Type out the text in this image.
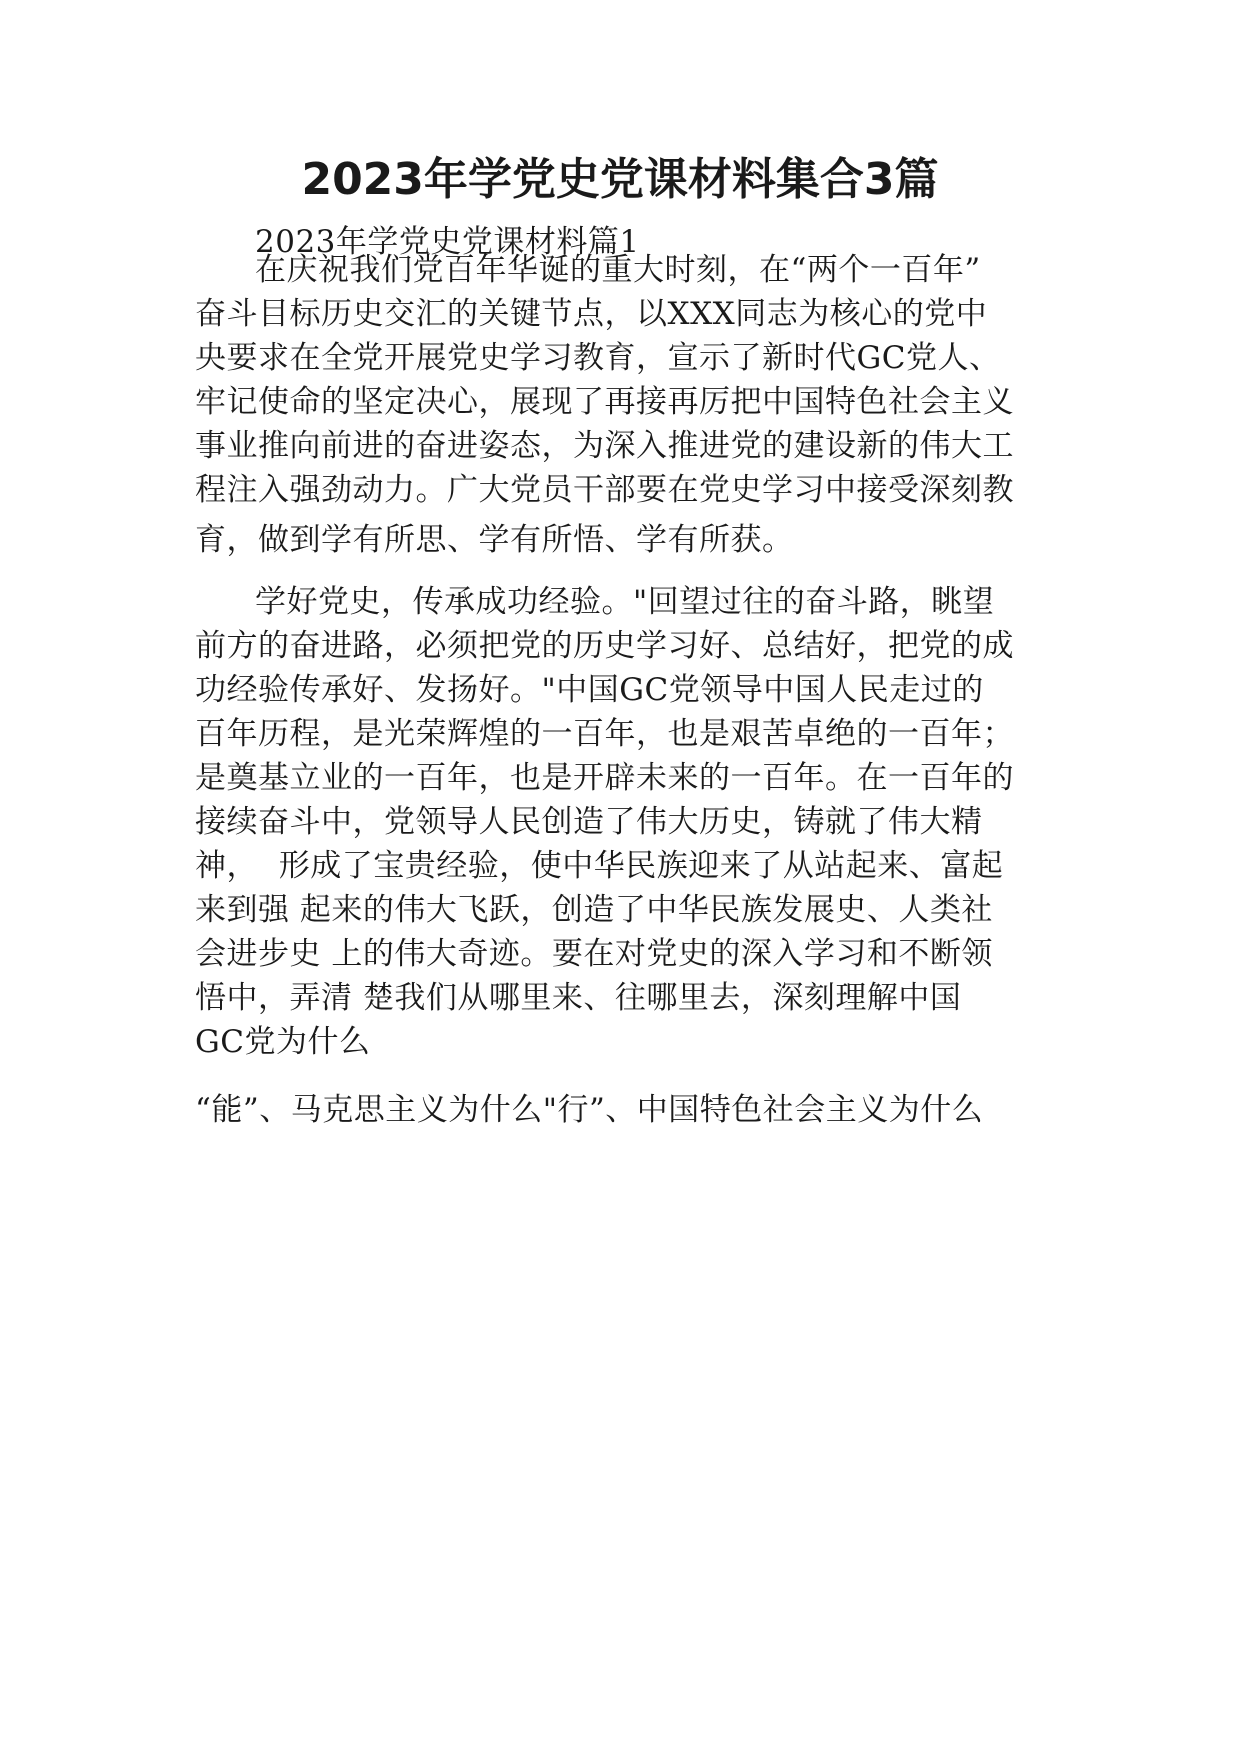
2023年学党史党课材料集合3篇
2023年学党史党课材料篇1
在庆祝我们党百年华诞的重大时刻，在“两个一百年”
奋斗目标历史交汇的关键节点，以XXX同志为核心的党中
央要求在全党开展党史学习教育，宣示了新时代GC党人、
牢记使命的坚定决心，展现了再接再厉把中国特色社会主义
事业推向前进的奋进姿态，为深入推进党的建设新的伟大工
程注入强劲动力。广大党员干部要在党史学习中接受深刻教
育，做到学有所思、学有所悟、学有所获。
学好党史，传承成功经验。"回望过往的奋斗路，眺望
前方的奋进路，必须把党的历史学习好、总结好，把党的成
功经验传承好、发扬好。"中国GC党领导中国人民走过的
百年历程，是光荣辉煌的一百年，也是艰苦卓绝的一百年；
是奠基立业的一百年，也是开辟未来的一百年。在一百年的
接续奋斗中，党领导人民创造了伟大历史，铸就了伟大精
神，  形成了宝贵经验，使中华民族迎来了从站起来、富起
来到强 起来的伟大飞跃，创造了中华民族发展史、人类社
会进步史 上的伟大奇迹。要在对党史的深入学习和不断领
悟中，弄清 楚我们从哪里来、往哪里去，深刻理解中国
GC党为什么
“能”、马克思主义为什么"行”、中国特色社会主义为什么
